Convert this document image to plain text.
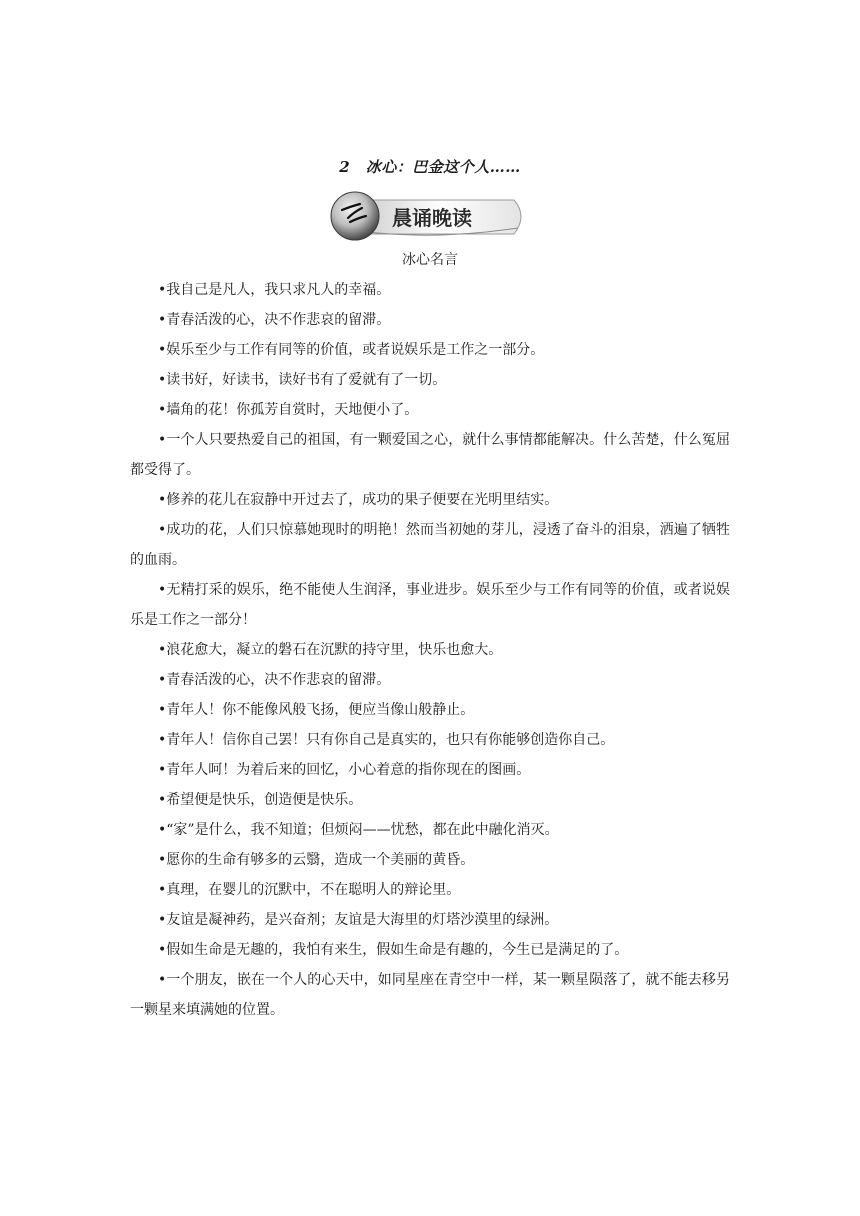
2　冰心：巴金这个人……
晨诵晚读
冰心名言

•我自己是凡人，我只求凡人的幸福。

•青春活泼的心，决不作悲哀的留滞。

•娱乐至少与工作有同等的价值，或者说娱乐是工作之一部分。

•读书好，好读书，读好书有了爱就有了一切。

•墙角的花！你孤芳自赏时，天地便小了。

•一个人只要热爱自己的祖国，有一颗爱国之心，就什么事情都能解决。什么苦楚，什么冤屈都受得了。

•修养的花儿在寂静中开过去了，成功的果子便要在光明里结实。

•成功的花，人们只惊慕她现时的明艳！然而当初她的芽儿，浸透了奋斗的泪泉，洒遍了牺牲的血雨。

•无精打采的娱乐，绝不能使人生润泽，事业进步。娱乐至少与工作有同等的价值，或者说娱乐是工作之一部分！

•浪花愈大，凝立的磐石在沉默的持守里，快乐也愈大。

•青春活泼的心，决不作悲哀的留滞。

•青年人！你不能像风般飞扬，便应当像山般静止。

•青年人！信你自己罢！只有你自己是真实的，也只有你能够创造你自己。

•青年人呵！为着后来的回忆，小心着意的指你现在的图画。

•希望便是快乐，创造便是快乐。

•“家”是什么，我不知道；但烦闷——忧愁，都在此中融化消灭。

•愿你的生命有够多的云翳，造成一个美丽的黄昏。

•真理，在婴儿的沉默中，不在聪明人的辩论里。

•友谊是凝神药，是兴奋剂；友谊是大海里的灯塔沙漠里的绿洲。

•假如生命是无趣的，我怕有来生，假如生命是有趣的，今生已是满足的了。

•一个朋友，嵌在一个人的心天中，如同星座在青空中一样，某一颗星陨落了，就不能去移另一颗星来填满她的位置。
